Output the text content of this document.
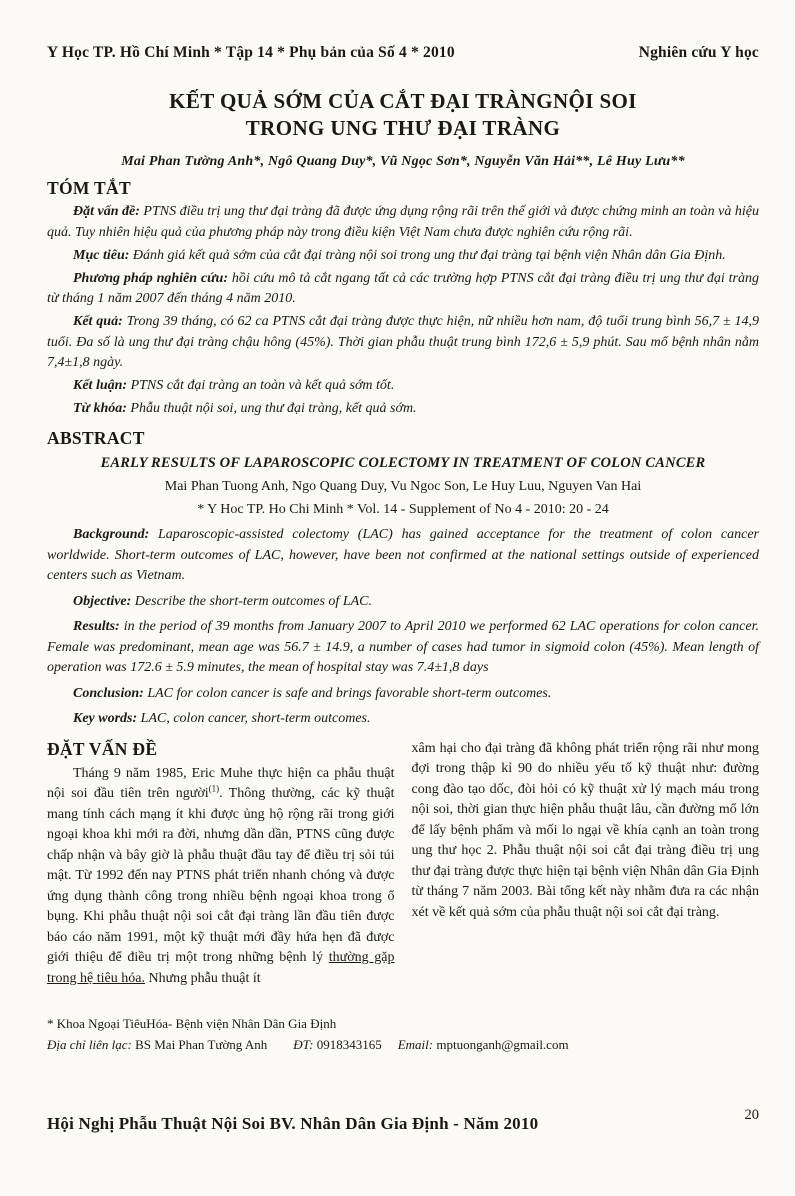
Y Học TP. Hồ Chí Minh * Tập 14 * Phụ bản của Số 4 * 2010	Nghiên cứu Y học
KẾT QUẢ SỚM CỦA CẮT ĐẠI TRÀNGNỘI SOI
TRONG UNG THƯ ĐẠI TRÀNG
Mai Phan Tường Anh*, Ngô Quang Duy*, Vũ Ngọc Sơn*, Nguyễn Văn Hải**, Lê Huy Lưu**
TÓM TẮT

Đặt vấn đề: PTNS điều trị ung thư đại tràng đã được ứng dụng rộng rãi trên thế giới và được chứng minh an toàn và hiệu quả. Tuy nhiên hiệu quả của phương pháp này trong điều kiện Việt Nam chưa được nghiên cứu rộng rãi.

Mục tiêu: Đánh giá kết quả sớm của cắt đại tràng nội soi trong ung thư đại tràng tại bệnh viện Nhân dân Gia Định.

Phương pháp nghiên cứu: hồi cứu mô tả cắt ngang tất cả các trường hợp PTNS cắt đại tràng điều trị ung thư đại tràng từ tháng 1 năm 2007 đến tháng 4 năm 2010.

Kết quả: Trong 39 tháng, có 62 ca PTNS cắt đại tràng được thực hiện, nữ nhiều hơn nam, độ tuổi trung bình 56,7 ± 14,9 tuổi. Đa số là ung thư đại tràng chậu hông (45%). Thời gian phẫu thuật trung bình 172,6 ± 5,9 phút. Sau mổ bệnh nhân nằm 7,4±1,8 ngày.

Kết luận: PTNS cắt đại tràng an toàn và kết quả sớm tốt.

Từ khóa: Phẫu thuật nội soi, ung thư đại tràng, kết quả sớm.

ABSTRACT
EARLY RESULTS OF LAPAROSCOPIC COLECTOMY IN TREATMENT OF COLON CANCER
Mai Phan Tuong Anh, Ngo Quang Duy, Vu Ngoc Son, Le Huy Luu, Nguyen Van Hai
* Y Hoc TP. Ho Chi Minh * Vol. 14 - Supplement of No 4 - 2010: 20 - 24

Background: Laparoscopic-assisted colectomy (LAC) has gained acceptance for the treatment of colon cancer worldwide. Short-term outcomes of LAC, however, have been not confirmed at the national settings outside of experienced centers such as Vietnam.

Objective: Describe the short-term outcomes of LAC.

Results: in the period of 39 months from January 2007 to April 2010 we performed 62 LAC operations for colon cancer. Female was predominant, mean age was 56.7 ± 14.9, a number of cases had tumor in sigmoid colon (45%). Mean length of operation was 172.6 ± 5.9 minutes, the mean of hospital stay was 7.4±1,8 days

Conclusion: LAC for colon cancer is safe and brings favorable short-term outcomes.

Key words: LAC, colon cancer, short-term outcomes.

ĐẶT VẤN ĐỀ

Tháng 9 năm 1985, Eric Muhe thực hiện ca phẫu thuật nội soi đầu tiên trên người$^{(1)}$. Thông thường, các kỹ thuật mang tính cách mạng ít khi được ủng hộ rộng rãi trong giới ngoại khoa khi mới ra đời, nhưng dần dần, PTNS cũng được chấp nhận và bây giờ là phẫu thuật đầu tay để điều trị sỏi túi mật. Từ 1992 đến nay PTNS phát triển nhanh chóng và được ứng dụng thành công trong nhiều bệnh ngoại khoa trong ổ bụng. Khi phẫu thuật nội soi cắt đại tràng lần đầu tiên được báo cáo năm 1991, một kỹ thuật mới đầy hứa hẹn đã được giới thiệu để điều trị một trong những bệnh lý thường gặp trong hệ tiêu hóa. Nhưng phẫu thuật ít

xâm hại cho đại tràng đã không phát triển rộng rãi như mong đợi trong thập kỉ 90 do nhiều yếu tố kỹ thuật như: đường cong đào tạo dốc, đòi hỏi có kỹ thuật xử lý mạch máu trong nội soi, thời gian thực hiện phẫu thuật lâu, cần đường mổ lớn để lấy bệnh phẩm và mối lo ngại về khía cạnh an toàn trong ung thư học 2. Phẫu thuật nội soi cắt đại tràng điều trị ung thư đại tràng được thực hiện tại bệnh viện Nhân dân Gia Định từ tháng 7 năm 2003. Bài tổng kết này nhằm đưa ra các nhận xét về kết quả sớm của phẫu thuật nội soi cắt đại tràng.

* Khoa Ngoại TiêuHóa- Bệnh viện Nhân Dân Gia Định
Địa chỉ liên lạc: BS Mai Phan Tường Anh ĐT: 0918343165 Email: mptuonganh@gmail.com
Hội Nghị Phẫu Thuật Nội Soi BV. Nhân Dân Gia Định - Năm 2010	20
